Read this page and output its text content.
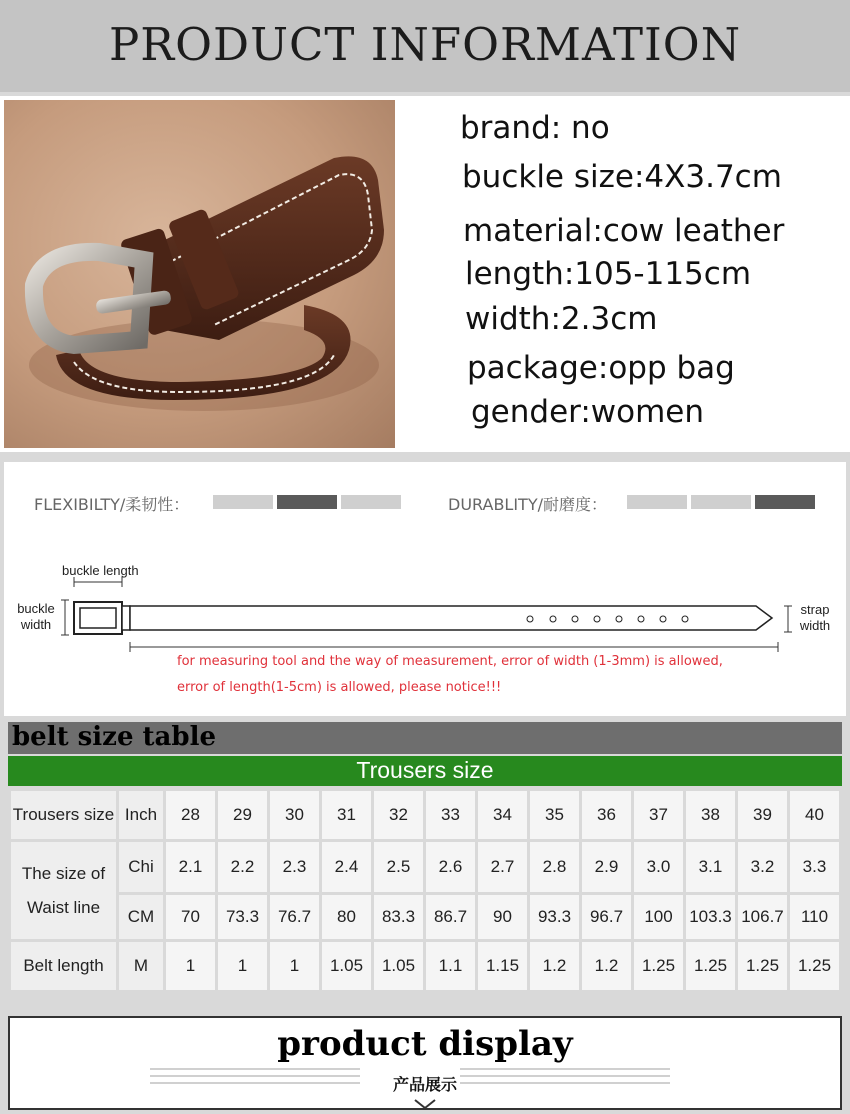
PRODUCT INFORMATION
brand: no
buckle size:4X3.7cm
material:cow leather
length:105-115cm
width:2.3cm
package:opp bag
gender:women
FLEXIBILTY/柔韧性：	DURABLITY/耐磨度：
buckle length
buckle
width
strap
width
for measuring tool and the way of measurement, error of width (1-3mm) is allowed,
error of length(1-5cm) is allowed, please notice!!!
belt size table
Trousers size
Trousers size	Inch	28	29	30	31	32	33	34	35	36	37	38	39	40

The size of
Waist line	Chi	2.1	2.2	2.3	2.4	2.5	2.6	2.7	2.8	2.9	3.0	3.1	3.2	3.3
	CM	70	73.3	76.7	80	83.3	86.7	90	93.3	96.7	100	103.3	106.7	110
Belt length	M	1	1	1	1.05	1.05	1.1	1.15	1.2	1.2	1.25	1.25	1.25	1.25
product display
产品展示
